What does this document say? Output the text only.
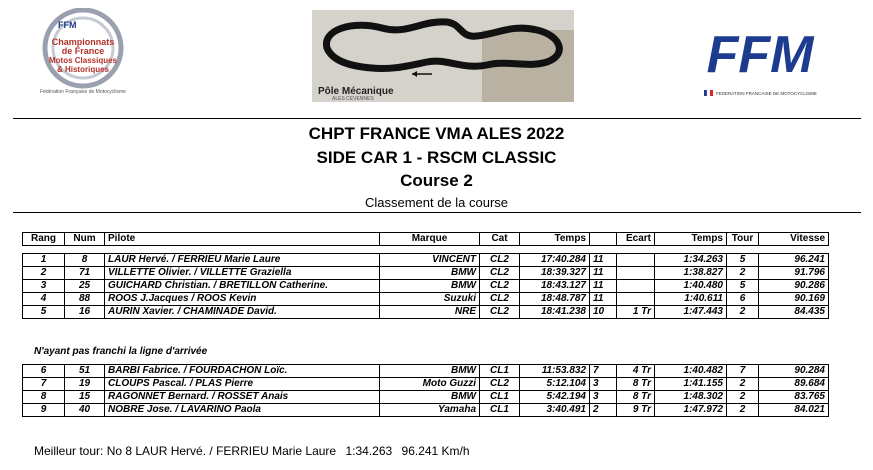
FFM
Championnats
de France
Motos Classiques
& Historiques
Fédération Française de Motocyclisme	Pôle Mécanique
ALES CEVENNES
FFM
FEDERATION FRANCAISE DE MOTOCYCLISME
CHPT FRANCE VMA ALES 2022
SIDE CAR 1 - RSCM CLASSIC
Course 2
Classement de la course
Rang	Num	Pilote	Marque	Cat	Temps		Ecart	Temps	Tour	Vitesse
1	8	LAUR Hervé. / FERRIEU Marie Laure	VINCENT	CL2	17:40.284	11		1:34.263	5	96.241
2	71	VILLETTE Olivier. / VILLETTE Graziella	BMW	CL2	18:39.327	11		1:38.827	2	91.796
3	25	GUICHARD Christian. / BRETILLON Catherine.	BMW	CL2	18:43.127	11		1:40.480	5	90.286
4	88	ROOS J.Jacques / ROOS Kevin	Suzuki	CL2	18:48.787	11		1:40.611	6	90.169
5	16	AURIN Xavier. / CHAMINADE David.	NRE	CL2	18:41.238	10	1 Tr	1:47.443	2	84.435
N'ayant pas franchi la ligne d'arrivée
6	51	BARBI Fabrice. / FOURDACHON Loïc.	BMW	CL1	11:53.832	7	4 Tr	1:40.482	7	90.284
7	19	CLOUPS Pascal. / PLAS Pierre	Moto Guzzi	CL2	5:12.104	3	8 Tr	1:41.155	2	89.684
8	15	RAGONNET Bernard. / ROSSET Anais	BMW	CL1	5:42.194	3	8 Tr	1:48.302	2	83.765
9	40	NOBRE Jose. / LAVARINO Paola	Yamaha	CL1	3:40.491	2	9 Tr	1:47.972	2	84.021
Meilleur tour: No 8 LAUR Hervé. / FERRIEU Marie Laure 1:34.263 96.241 Km/h
